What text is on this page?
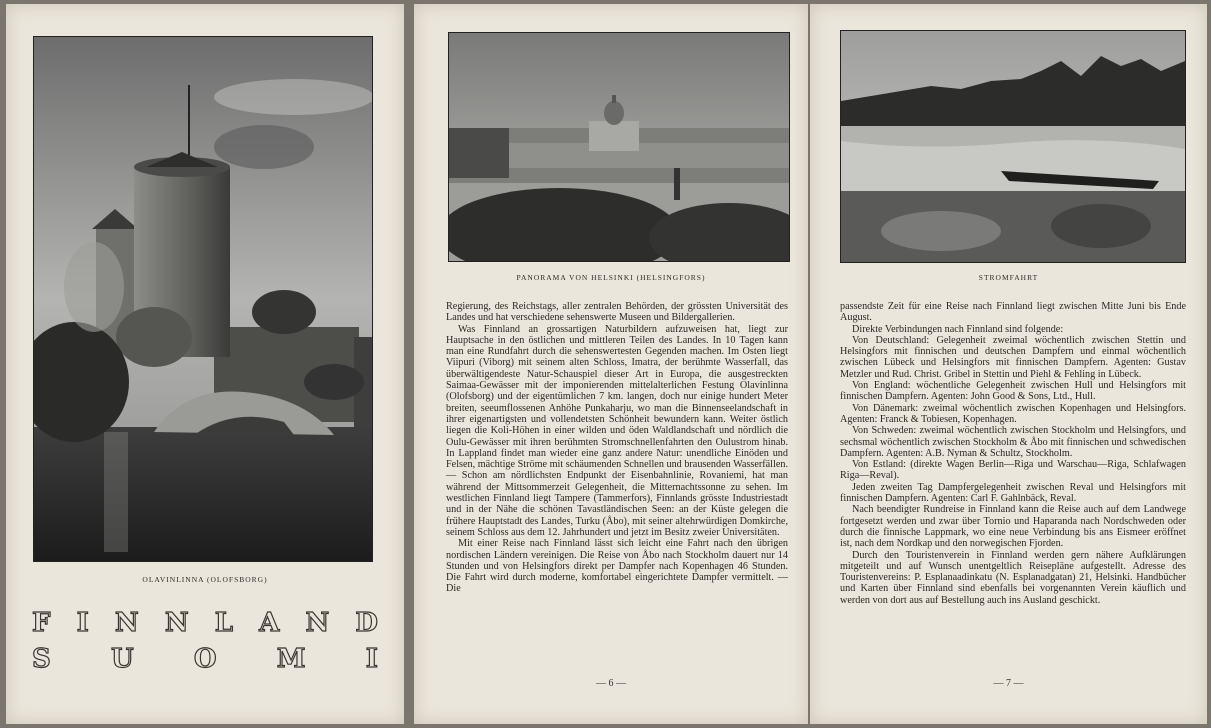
OLAVINLINNA (OLOFSBORG)
F I N N L A N D
S U O M I
PANORAMA VON HELSINKI (HELSINGFORS)

Regierung, des Reichstags, aller zentralen Behörden, der grössten Universität des Landes und hat verschiedene sehenswerte Museen und Bildergallerien.

Was Finnland an grossartigen Naturbildern aufzuweisen hat, liegt zur Hauptsache in den östlichen und mittleren Teilen des Landes. In 10 Tagen kann man eine Rundfahrt durch die sehenswertesten Gegenden machen. Im Osten liegt Viipuri (Viborg) mit seinem alten Schloss, Imatra, der berühmte Wasserfall, das überwältigendeste Natur-Schauspiel dieser Art in Europa, die ausgestreckten Saimaa-Gewässer mit der imponierenden mittelalterlichen Festung Olavinlinna (Olofsborg) und der eigentümlichen 7 km. langen, doch nur einige hundert Meter breiten, seeumflossenen Anhöhe Punkaharju, wo man die Binnenseelandschaft in ihrer eigenartigsten und vollendetsten Schönheit bewundern kann. Weiter östlich liegen die Koli-Höhen in einer wilden und öden Waldlandschaft und nördlich die Oulu-Gewässer mit ihren berühmten Stromschnellenfahrten den Oulustrom hinab. In Lappland findet man wieder eine ganz andere Natur: unendliche Einöden und Felsen, mächtige Ströme mit schäumenden Schnellen und brausenden Wasserfällen. — Schon am nördlichsten Endpunkt der Eisenbahnlinie, Rovaniemi, hat man während der Mittsommerzeit Gelegenheit, die Mitternachtssonne zu sehen. Im westlichen Finnland liegt Tampere (Tammerfors), Finnlands grösste Industriestadt und in der Nähe die schönen Tavastländischen Seen: an der Küste gelegen die frühere Hauptstadt des Landes, Turku (Åbo), mit seiner altehrwürdigen Domkirche, seinem Schloss aus dem 12. Jahrhundert und jetzt im Besitz zweier Universitäten.

Mit einer Reise nach Finnland lässt sich leicht eine Fahrt nach den übrigen nordischen Ländern vereinigen. Die Reise von Åbo nach Stockholm dauert nur 14 Stunden und von Helsingfors direkt per Dampfer nach Kopenhagen 46 Stunden. Die Fahrt wird durch moderne, komfortabel eingerichtete Dampfer vermittelt. — Die

— 6 —
STROMFAHRT

passendste Zeit für eine Reise nach Finnland liegt zwischen Mitte Juni bis Ende August.

Direkte Verbindungen nach Finnland sind folgende:

Von Deutschland: Gelegenheit zweimal wöchentlich zwischen Stettin und Helsingfors mit finnischen und deutschen Dampfern und einmal wöchentlich zwischen Lübeck und Helsingfors mit finnischen Dampfern. Agenten: Gustav Metzler und Rud. Christ. Gribel in Stettin und Piehl & Fehling in Lübeck.

Von England: wöchentliche Gelegenheit zwischen Hull und Helsingfors mit finnischen Dampfern. Agenten: John Good & Sons, Ltd., Hull.

Von Dänemark: zweimal wöchentlich zwischen Kopenhagen und Helsingfors. Agenten: Franck & Tobiesen, Kopenhagen.

Von Schweden: zweimal wöchentlich zwischen Stockholm und Helsingfors, und sechsmal wöchentlich zwischen Stockholm & Åbo mit finnischen und schwedischen Dampfern. Agenten: A.B. Nyman & Schultz, Stockholm.

Von Estland: (direkte Wagen Berlin—Riga und Warschau—Riga, Schlafwagen Riga—Reval).

Jeden zweiten Tag Dampfergelegenheit zwischen Reval und Helsingfors mit finnischen Dampfern. Agenten: Carl F. Gahlnbäck, Reval.

Nach beendigter Rundreise in Finnland kann die Reise auch auf dem Landwege fortgesetzt werden und zwar über Tornio und Haparanda nach Nordschweden oder durch die finnische Lappmark, wo eine neue Verbindung bis ans Eismeer eröffnet ist, nach dem Nordkap und den norwegischen Fjorden.

Durch den Touristenverein in Finnland werden gern nähere Aufklärungen mitgeteilt und auf Wunsch unentgeltlich Reisepläne aufgestellt. Adresse des Touristenvereins: P. Esplanaadinkatu (N. Esplanadgatan) 21, Helsinki. Handbücher und Karten über Finnland sind ebenfalls bei vorgenannten Verein käuflich und werden von dort aus auf Bestellung auch ins Ausland geschickt.

— 7 —
